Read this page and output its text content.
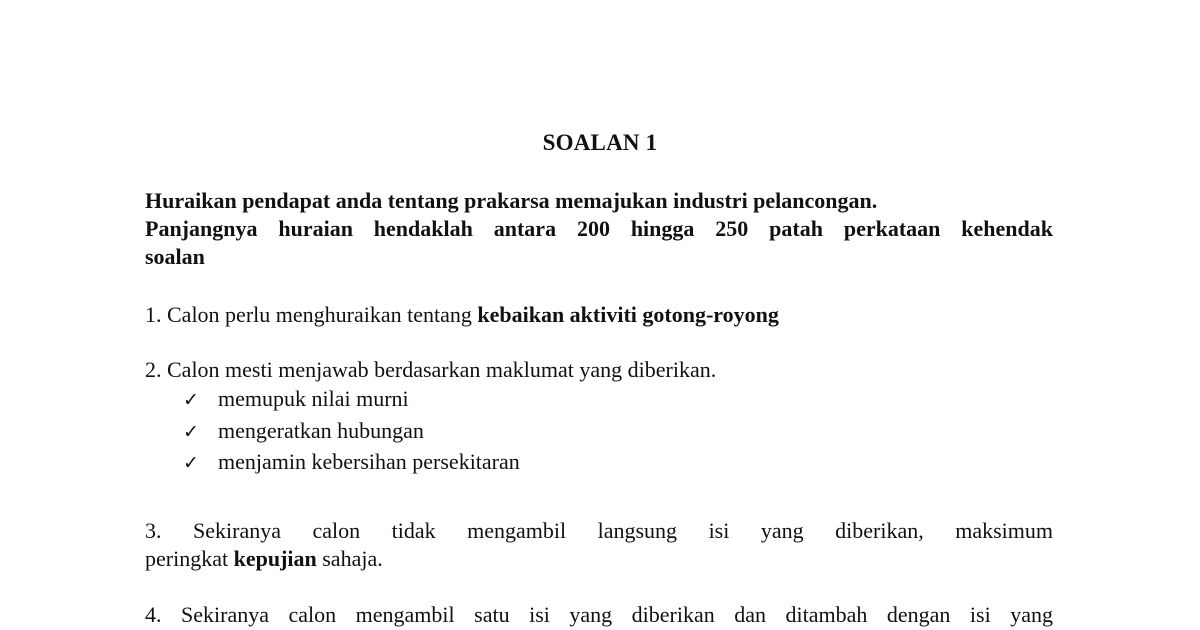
SOALAN 1
Huraikan pendapat anda tentang prakarsa memajukan industri pelancongan.
Panjangnya huraian hendaklah antara 200 hingga 250 patah perkataan kehendak
soalan
1. Calon perlu menghuraikan tentang kebaikan aktiviti gotong-royong
2. Calon mesti menjawab berdasarkan maklumat yang diberikan.
✓ memupuk nilai murni
✓ mengeratkan hubungan
✓ menjamin kebersihan persekitaran
3. Sekiranya calon tidak mengambil langsung isi yang diberikan, maksimum
peringkat kepujian sahaja.
4. Sekiranya calon mengambil satu isi yang diberikan dan ditambah dengan isi yang
